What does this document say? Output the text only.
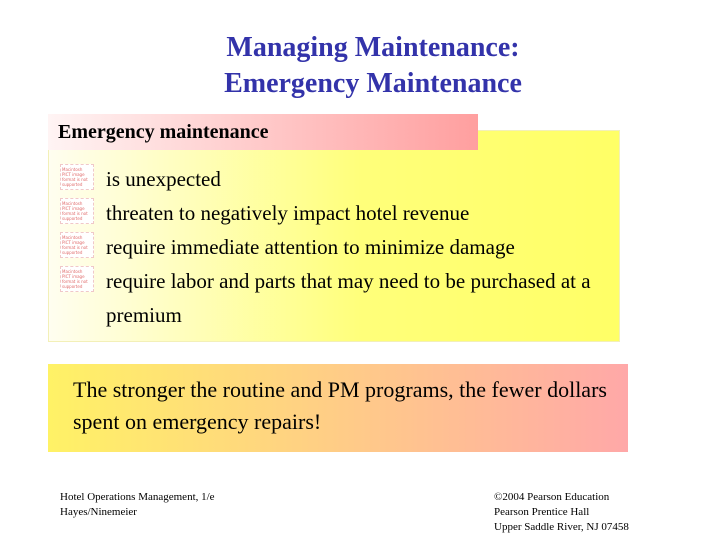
Managing Maintenance:
Emergency Maintenance
Emergency maintenance
Macintosh PICT image format is not supported	is unexpected
Macintosh PICT image format is not supported	threaten to negatively impact hotel revenue
Macintosh PICT image format is not supported	require immediate attention to minimize damage
Macintosh PICT image format is not supported	require labor and parts that may need to be purchased at a premium
The stronger the routine and PM programs, the fewer dollars spent on emergency repairs!
Hotel Operations Management, 1/e
Hayes/Ninemeier
©2004 Pearson Education
Pearson Prentice Hall
Upper Saddle River, NJ 07458
